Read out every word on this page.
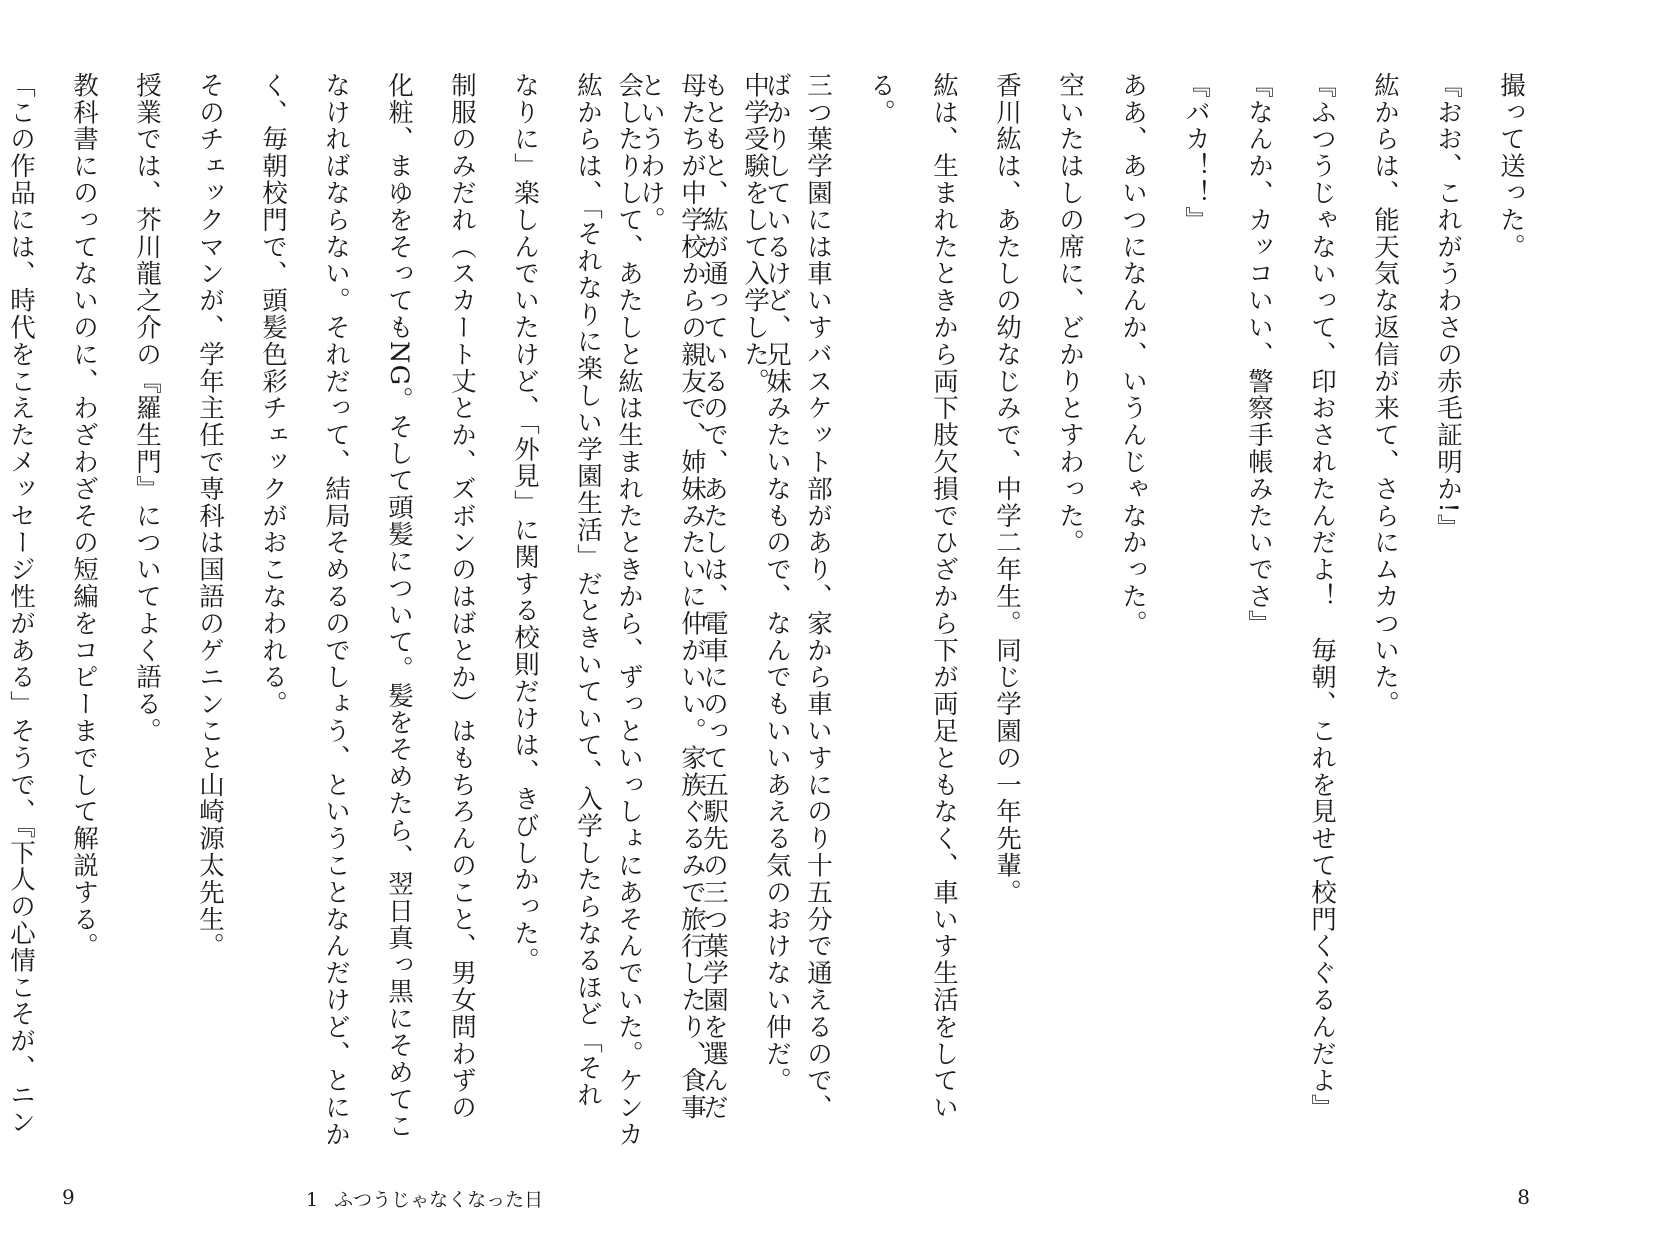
撮って送った。
『おお、これがうわさの赤毛証明か!』
紘からは、能天気な返信が来て、さらにムカついた。
『ふつうじゃないって、印おされたんだよ！　毎朝、これを見せて校門くぐるんだよ』
『なんか、カッコいい、警察手帳みたいでさ』
『バカ！！』
ああ、あいつになんか、いうんじゃなかった。
空いたはしの席に、どかりとすわった。
香川紘は、あたしの幼なじみで、中学二年生。同じ学園の一年先輩。
紘は、生まれたときから両下肢欠損でひざから下が両足ともなく、車いす生活をしてい
る。
三つ葉学園には車いすバスケット部があり、家から車いすにのり十五分で通えるので、
中学受験をして入学した。
母たちが中学校からの親友で、姉妹みたいに仲がいい。家族ぐるみで旅行したり、食事
会したりして、あたしと紘は生まれたときから、ずっといっしょにあそんでいた。ケンカ
8
ばかりしているけど、兄妹みたいなもので、なんでもいいあえる気のおけない仲だ。
もともと、紘が通っているので、あたしは、電車にのって五駅先の三つ葉学園を選んだ
というわけ。
紘からは、「それなりに楽しい学園生活」だときいていて、入学したらなるほど「それ
なりに」楽しんでいたけど、「外見」に関する校則だけは、きびしかった。
制服のみだれ（スカート丈とか、ズボンのはばとか）はもちろんのこと、男女問わずの
化粧、まゆをそってもNG。そして頭髪について。髪をそめたら、翌日真っ黒にそめてこ
なければならない。それだって、結局そめるのでしょう、ということなんだけど、とにか
く、毎朝校門で、頭髪色彩チェックがおこなわれる。
そのチェックマンが、学年主任で専科は国語のゲニンこと山崎源太先生。
授業では、芥川龍之介の『羅生門』についてよく語る。
教科書にのってないのに、わざわざその短編をコピーまでして解説する。
「この作品には、時代をこえたメッセージ性がある」そうで、『下人の心情こそが、ニン
9	1 ふつうじゃなくなった日
